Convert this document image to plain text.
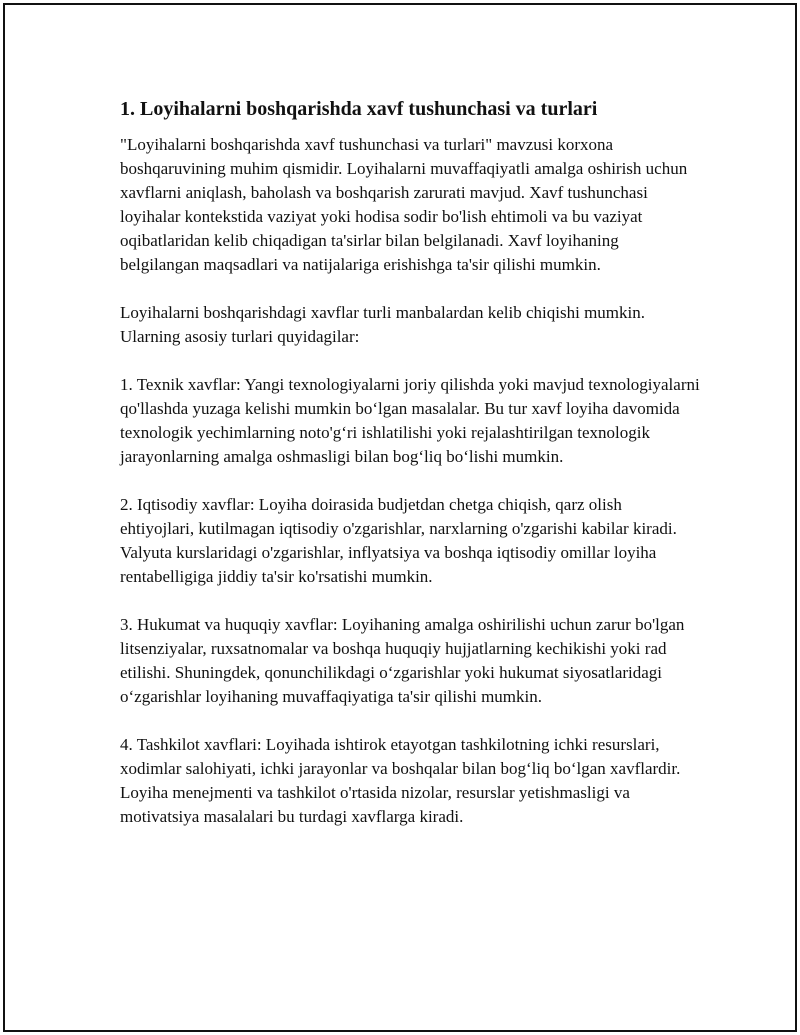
1. Loyihalarni boshqarishda xavf tushunchasi va turlari

"Loyihalarni boshqarishda xavf tushunchasi va turlari" mavzusi korxona boshqaruvining muhim qismidir. Loyihalarni muvaffaqiyatli amalga oshirish uchun xavflarni aniqlash, baholash va boshqarish zarurati mavjud. Xavf tushunchasi loyihalar kontekstida vaziyat yoki hodisa sodir bo'lish ehtimoli va bu vaziyat oqibatlaridan kelib chiqadigan ta'sirlar bilan belgilanadi. Xavf loyihaning belgilangan maqsadlari va natijalariga erishishga ta'sir qilishi mumkin.

Loyihalarni boshqarishdagi xavflar turli manbalardan kelib chiqishi mumkin. Ularning asosiy turlari quyidagilar:

1. Texnik xavflar: Yangi texnologiyalarni joriy qilishda yoki mavjud texnologiyalarni qo'llashda yuzaga kelishi mumkin bo‘lgan masalalar. Bu tur xavf loyiha davomida texnologik yechimlarning noto'g‘ri ishlatilishi yoki rejalashtirilgan texnologik jarayonlarning amalga oshmasligi bilan bog‘liq bo‘lishi mumkin.

2. Iqtisodiy xavflar: Loyiha doirasida budjetdan chetga chiqish, qarz olish ehtiyojlari, kutilmagan iqtisodiy o'zgarishlar, narxlarning o'zgarishi kabilar kiradi. Valyuta kurslaridagi o'zgarishlar, inflyatsiya va boshqa iqtisodiy omillar loyiha rentabelligiga jiddiy ta'sir ko'rsatishi mumkin.

3. Hukumat va huquqiy xavflar: Loyihaning amalga oshirilishi uchun zarur bo'lgan litsenziyalar, ruxsatnomalar va boshqa huquqiy hujjatlarning kechikishi yoki rad etilishi. Shuningdek, qonunchilikdagi o‘zgarishlar yoki hukumat siyosatlaridagi o‘zgarishlar loyihaning muvaffaqiyatiga ta'sir qilishi mumkin.

4. Tashkilot xavflari: Loyihada ishtirok etayotgan tashkilotning ichki resurslari, xodimlar salohiyati, ichki jarayonlar va boshqalar bilan bog‘liq bo‘lgan xavflardir. Loyiha menejmenti va tashkilot o'rtasida nizolar, resurslar yetishmasligi va motivatsiya masalalari bu turdagi xavflarga kiradi.
